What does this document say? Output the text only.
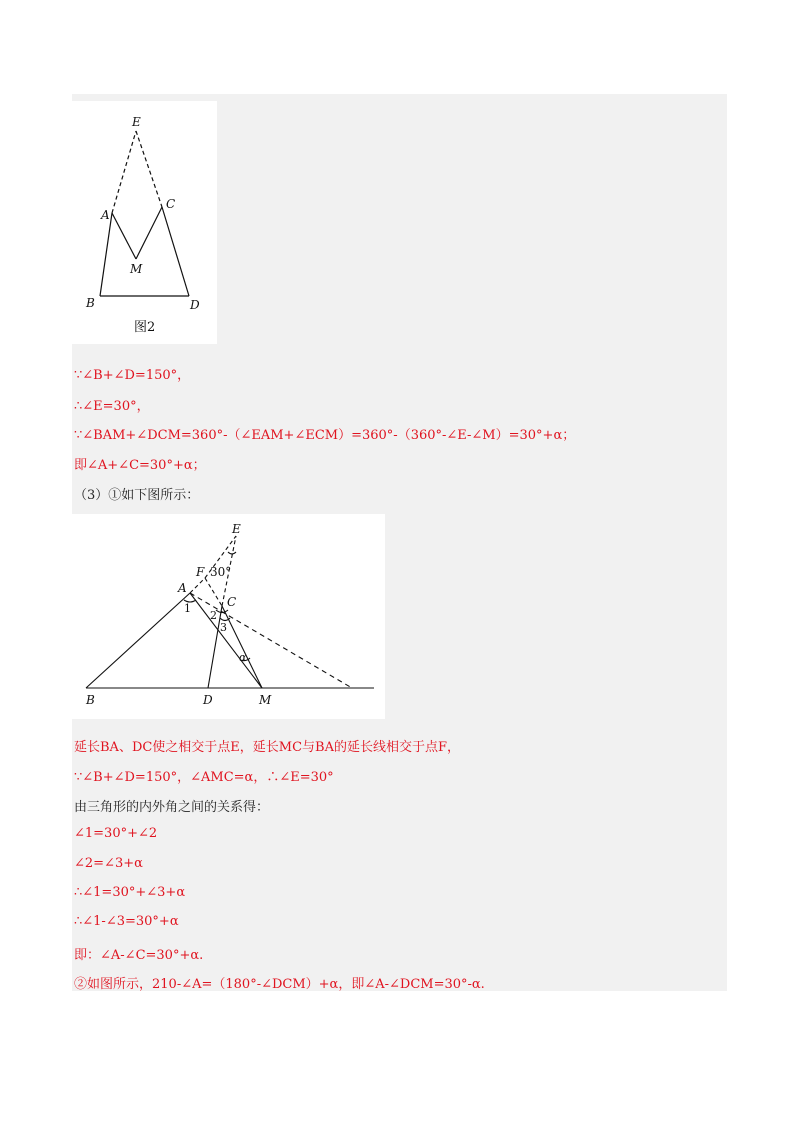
E
A
C
M
B	D
图2
∵∠B+∠D=150°，
∴∠E=30°，
∵∠BAM+∠DCM=360°-（∠EAM+∠ECM）=360°-（360°-∠E-∠M）=30°+α；
即∠A+∠C=30°+α；
（3）①如下图所示：
E
F 30°
A
C
1
2
3
α
B	D	M
延长BA、DC使之相交于点E，延长MC与BA的延长线相交于点F，
∵∠B+∠D=150°，∠AMC=α，∴∠E=30°
由三角形的内外角之间的关系得：
∠1=30°+∠2
∠2=∠3+α
∴∠1=30°+∠3+α
∴∠1-∠3=30°+α
即：∠A-∠C=30°+α.
②如图所示，210-∠A=（180°-∠DCM）+α，即∠A-∠DCM=30°-α.
